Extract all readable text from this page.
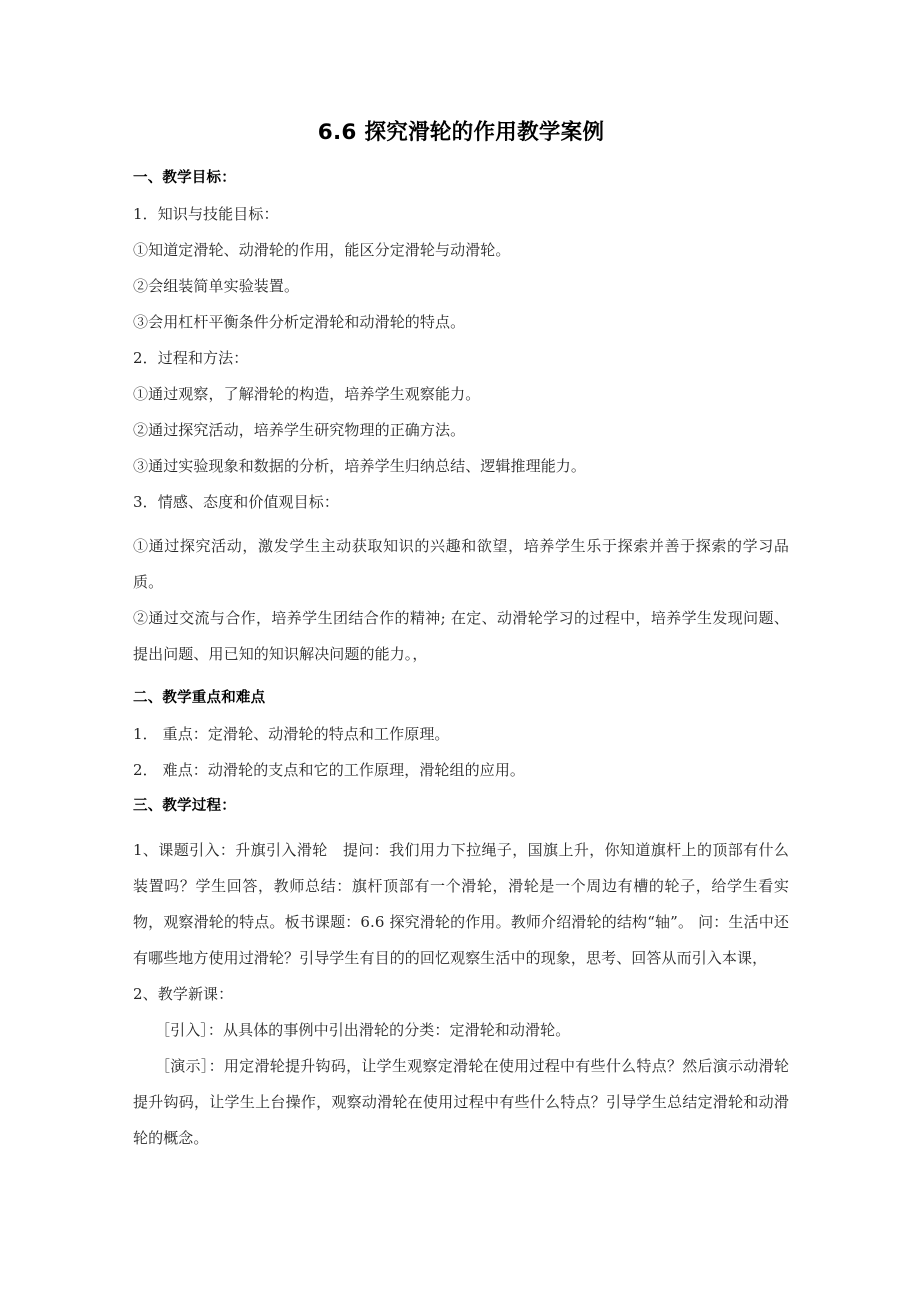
6.6 探究滑轮的作用教学案例
一、教学目标：
1．知识与技能目标：
①知道定滑轮、动滑轮的作用，能区分定滑轮与动滑轮。
②会组装简单实验装置。
③会用杠杆平衡条件分析定滑轮和动滑轮的特点。
2．过程和方法：
①通过观察，了解滑轮的构造，培养学生观察能力。
②通过探究活动，培养学生研究物理的正确方法。
③通过实验现象和数据的分析，培养学生归纳总结、逻辑推理能力。
3．情感、态度和价值观目标：
①通过探究活动，激发学生主动获取知识的兴趣和欲望，培养学生乐于探索并善于探索的学习品质。
②通过交流与合作，培养学生团结合作的精神; 在定、动滑轮学习的过程中，培养学生发现问题、提出问题、用已知的知识解决问题的能力。，
二、教学重点和难点
1． 重点：定滑轮、动滑轮的特点和工作原理。
2． 难点：动滑轮的支点和它的工作原理，滑轮组的应用。
三、教学过程：
1、课题引入：升旗引入滑轮　提问：我们用力下拉绳子，国旗上升，你知道旗杆上的顶部有什么装置吗？学生回答，教师总结：旗杆顶部有一个滑轮，滑轮是一个周边有槽的轮子，给学生看实物，观察滑轮的特点。板书课题：6.6 探究滑轮的作用。教师介绍滑轮的结构“轴”。 问：生活中还有哪些地方使用过滑轮？引导学生有目的的回忆观察生活中的现象，思考、回答从而引入本课，
2、教学新课：
［引入］：从具体的事例中引出滑轮的分类：定滑轮和动滑轮。
［演示］：用定滑轮提升钩码，让学生观察定滑轮在使用过程中有些什么特点？然后演示动滑轮提升钩码，让学生上台操作，观察动滑轮在使用过程中有些什么特点？引导学生总结定滑轮和动滑轮的概念。
